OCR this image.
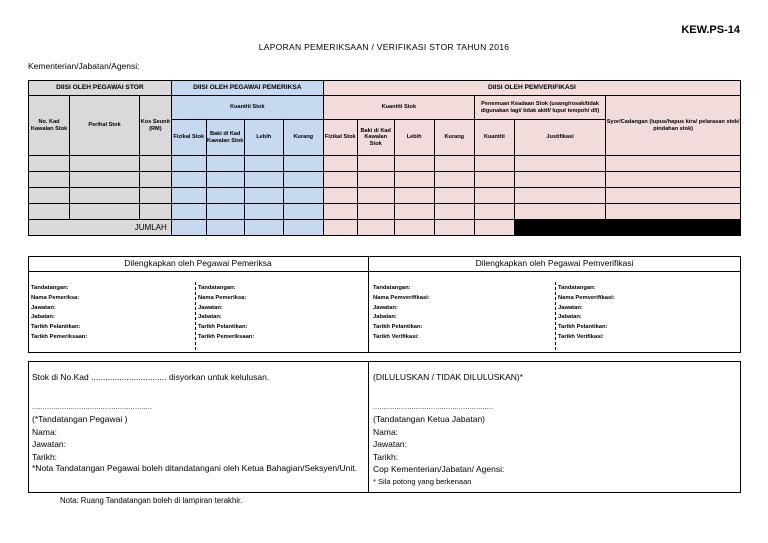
KEW.PS-14
LAPORAN PEMERIKSAAN / VERIFIKASI STOR TAHUN 2016
Kementerian/Jabatan/Agensi:
DIISI OLEH PEGAWAI STOR			DIISI OLEH PEGAWAI PEMERIKSA				DIISI OLEH PEMVERIFIKASI						
No. Kad Kawalan Stok	Perihal Stok	Kos Seunit (RM)	Kuantiti Stok				Kuantiti Stok				Penemuan Keadaan Stok (usang/rosak/tidak digunakan lagi/ tidak aktif/ luput tempoh/ dll)		Syor/Cadangan (lupus/hapus kira/ pelarasan stok/ pindahan stok)
			Fizikal Stok	Baki di Kad Kawalan Stok	Lebih	Kurang	Fizikal Stok	Baki di Kad Kawalan Stok	Lebih	Kurang	Kuantiti	Justifikasi	

JUMLAH													
Dilengkapkan oleh Pegawai Pemeriksa	Dilengkapkan oleh Pegawai Pemverifikasi
Tandatangan:
Nama Pemeriksa:
Jawatan:
Jabatan:
Tarikh Pelantikan:
Tarikh Pemeriksaan:
Tandatangan:
Nama Pemeriksa:
Jawatan:
Jabatan:
Tarikh Pelantikan:
Tarikh Pemeriksaan:
Tandatangan:
Nama Pemverifikasi:
Jawatan:
Jabatan:
Tarikh Pelantikan:
Tarikh Verifikasi:
Tandatangan:
Nama Pemverifikasi:
Jawatan:
Jabatan:
Tarikh Pelantikan:
Tarikh Verifikasi:
Stok di No.Kad ................................ disyorkan untuk kelulusan.
........................................................
(*Tandatangan Pegawai )
Nama:
Jawatan:
Tarikh:
*Nota Tandatangan Pegawai boleh ditandatangani oleh Ketua Bahagian/Seksyen/Unit.
(DILULUSKAN / TIDAK DILULUSKAN)*
........................................................
(Tandatangan Ketua Jabatan)
Nama:
Jawatan:
Tarikh:
Cop Kementerian/Jabatan/ Agensi:
* Sila potong yang berkenaan
Nota: Ruang Tandatangan boleh di lampiran terakhir.
